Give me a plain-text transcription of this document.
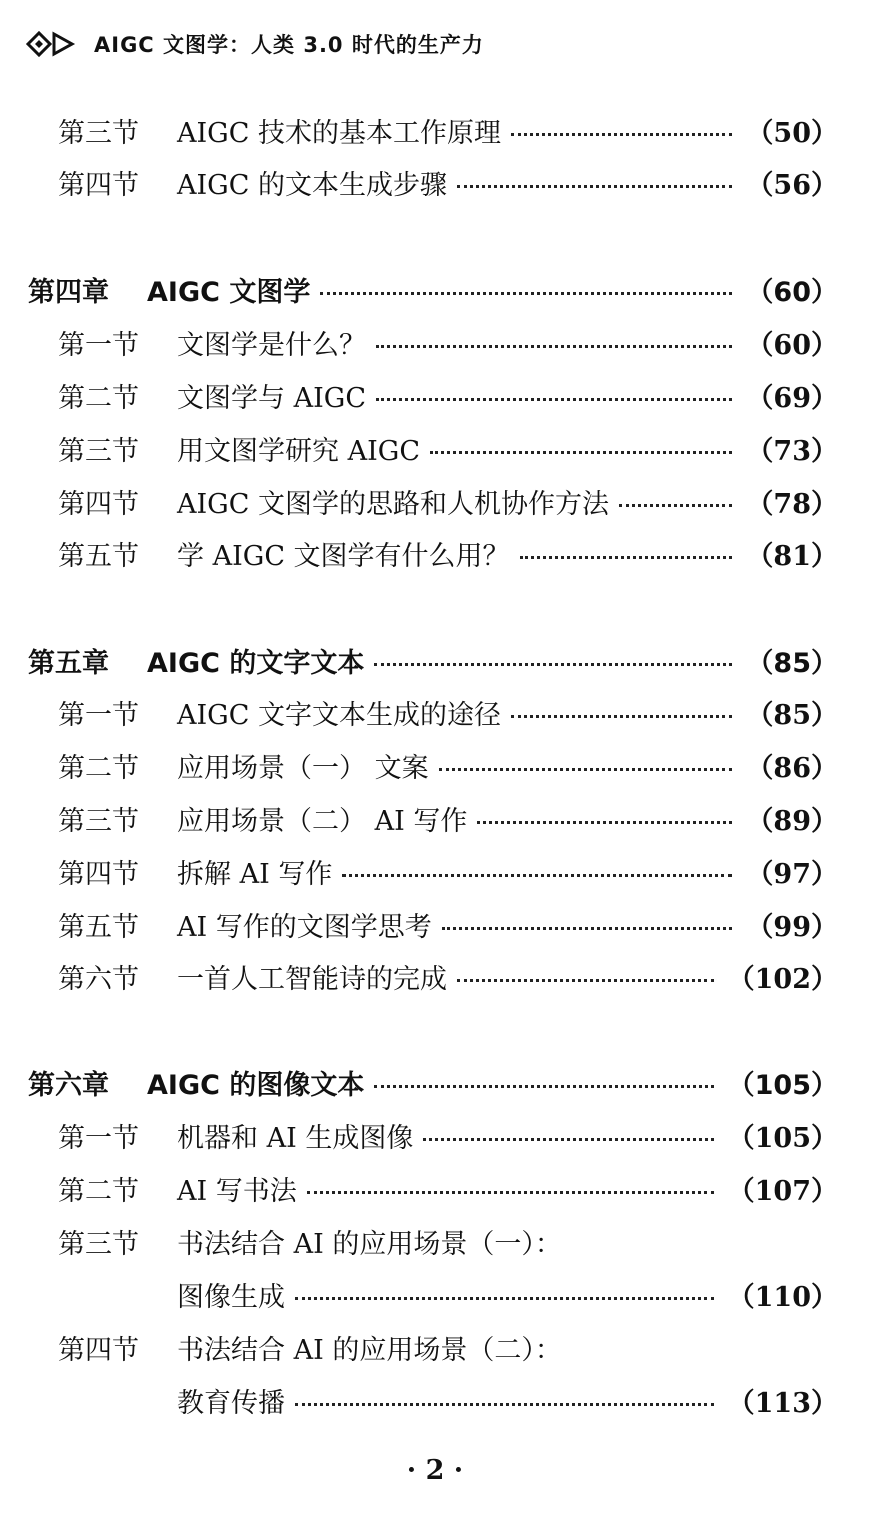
AIGC 文图学：人类 3.0 时代的生产力
第三节	AIGC 技术的基本工作原理	（50）
第四节	AIGC 的文本生成步骤	（56）
第四章	AIGC 文图学	（60）
第一节	文图学是什么？	（60）
第二节	文图学与 AIGC	（69）
第三节	用文图学研究 AIGC	（73）
第四节	AIGC 文图学的思路和人机协作方法	（78）
第五节	学 AIGC 文图学有什么用？	（81）
第五章	AIGC 的文字文本	（85）
第一节	AIGC 文字文本生成的途径	（85）
第二节	应用场景（一） 文案	（86）
第三节	应用场景（二） AI 写作	（89）
第四节	拆解 AI 写作	（97）
第五节	AI 写作的文图学思考	（99）
第六节	一首人工智能诗的完成	（102）
第六章	AIGC 的图像文本	（105）
第一节	机器和 AI 生成图像	（105）
第二节	AI 写书法	（107）
第三节	书法结合 AI 的应用场景（一）：
图像生成	（110）
第四节	书法结合 AI 的应用场景（二）：
教育传播	（113）
· 2 ·
